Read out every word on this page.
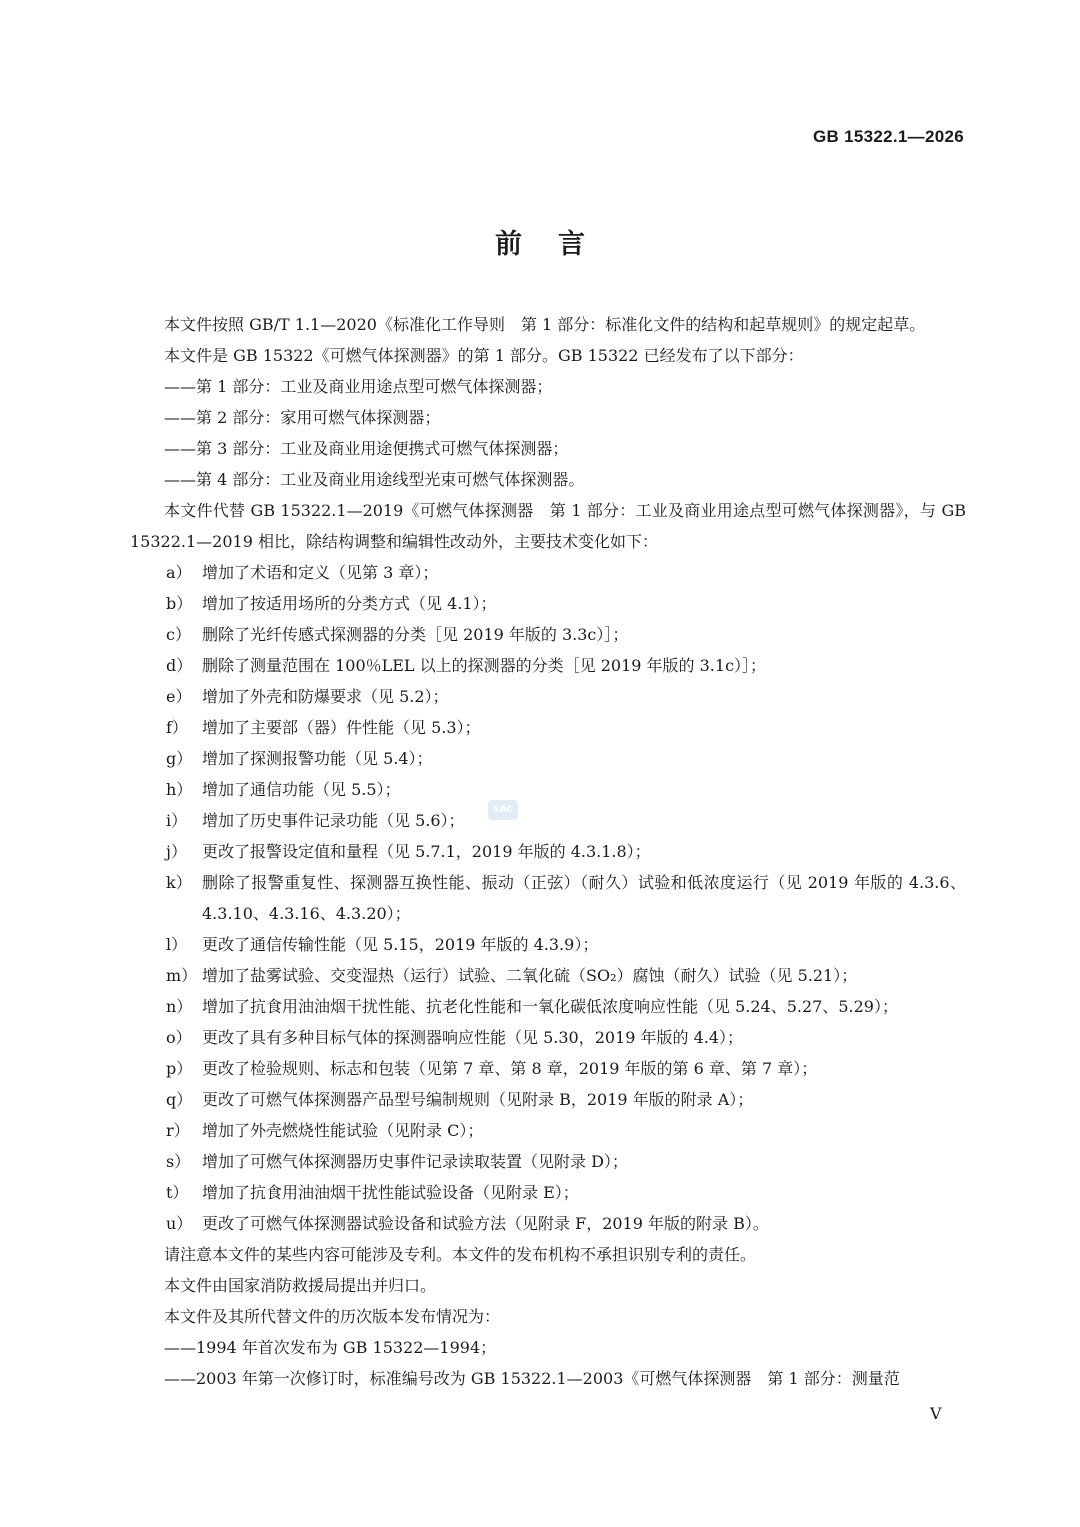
GB 15322.1—2026
前言

本文件按照 GB/T 1.1—2020《标准化工作导则　第 1 部分：标准化文件的结构和起草规则》的规定起草。

本文件是 GB 15322《可燃气体探测器》的第 1 部分。GB 15322 已经发布了以下部分：

——第 1 部分：工业及商业用途点型可燃气体探测器；

——第 2 部分：家用可燃气体探测器；

——第 3 部分：工业及商业用途便携式可燃气体探测器；

——第 4 部分：工业及商业用途线型光束可燃气体探测器。

本文件代替 GB 15322.1—2019《可燃气体探测器　第 1 部分：工业及商业用途点型可燃气体探测器》，与 GB 15322.1—2019 相比，除结构调整和编辑性改动外，主要技术变化如下：

a） 增加了术语和定义（见第 3 章）；
b） 增加了按适用场所的分类方式（见 4.1）；
c） 删除了光纤传感式探测器的分类［见 2019 年版的 3.3c）］；
d） 删除了测量范围在 100％LEL 以上的探测器的分类［见 2019 年版的 3.1c）］；
e） 增加了外壳和防爆要求（见 5.2）；
f） 增加了主要部（器）件性能（见 5.3）；
g） 增加了探测报警功能（见 5.4）；
h） 增加了通信功能（见 5.5）；
i） 增加了历史事件记录功能（见 5.6）；
j） 更改了报警设定值和量程（见 5.7.1，2019 年版的 4.3.1.8）；
k） 删除了报警重复性、探测器互换性能、振动（正弦）（耐久）试验和低浓度运行（见 2019 年版的 4.3.6、4.3.10、4.3.16、4.3.20）；
l） 更改了通信传输性能（见 5.15，2019 年版的 4.3.9）；
m） 增加了盐雾试验、交变湿热（运行）试验、二氧化硫（SO₂）腐蚀（耐久）试验（见 5.21）；
n） 增加了抗食用油油烟干扰性能、抗老化性能和一氧化碳低浓度响应性能（见 5.24、5.27、5.29）；
o） 更改了具有多种目标气体的探测器响应性能（见 5.30，2019 年版的 4.4）；
p） 更改了检验规则、标志和包装（见第 7 章、第 8 章，2019 年版的第 6 章、第 7 章）；
q） 更改了可燃气体探测器产品型号编制规则（见附录 B，2019 年版的附录 A）；
r） 增加了外壳燃烧性能试验（见附录 C）；
s） 增加了可燃气体探测器历史事件记录读取装置（见附录 D）；
t） 增加了抗食用油油烟干扰性能试验设备（见附录 E）；
u） 更改了可燃气体探测器试验设备和试验方法（见附录 F，2019 年版的附录 B）。

请注意本文件的某些内容可能涉及专利。本文件的发布机构不承担识别专利的责任。

本文件由国家消防救援局提出并归口。

本文件及其所代替文件的历次版本发布情况为：

——1994 年首次发布为 GB 15322—1994；

——2003 年第一次修订时，标准编号改为 GB 15322.1—2003《可燃气体探测器　第 1 部分：测量范

SAC
Ⅴ
